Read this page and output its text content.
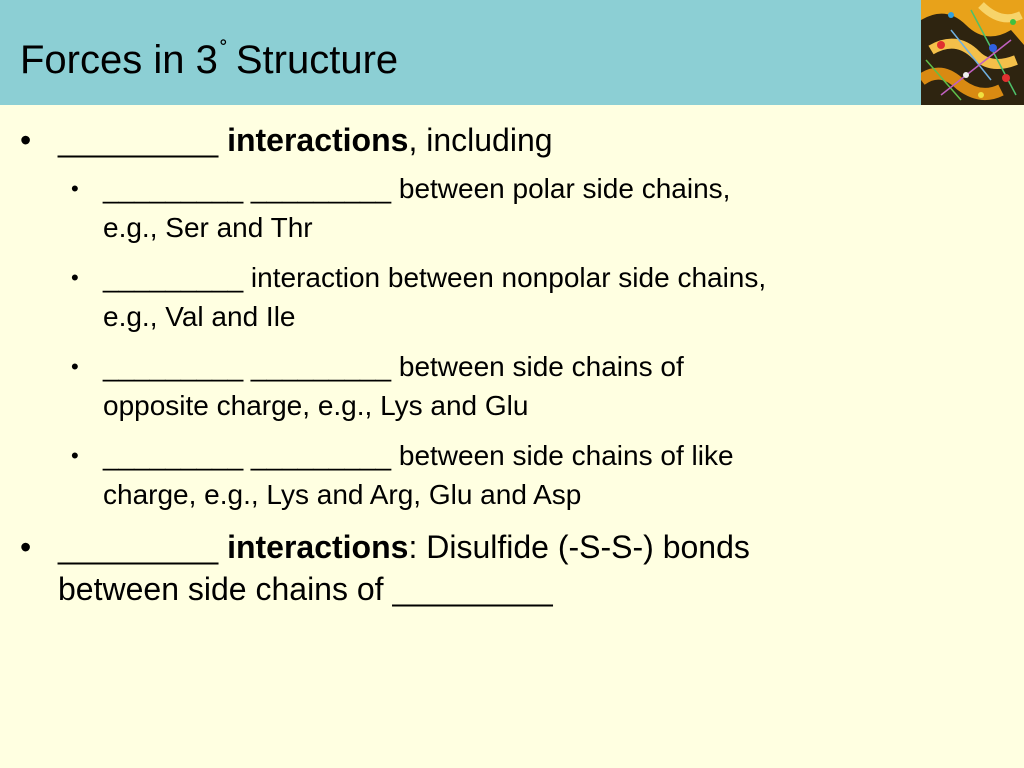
Forces in 3˚ Structure
• _________ interactions, including
• _________ _________ between polar side chains,
e.g., Ser and Thr
• _________ interaction between nonpolar side chains,
e.g., Val and Ile
• _________ _________ between side chains of
opposite charge, e.g., Lys and Glu
• _________ _________ between side chains of like
charge, e.g., Lys and Arg, Glu and Asp
• _________ interactions: Disulfide (-S-S-) bonds
between side chains of _________
